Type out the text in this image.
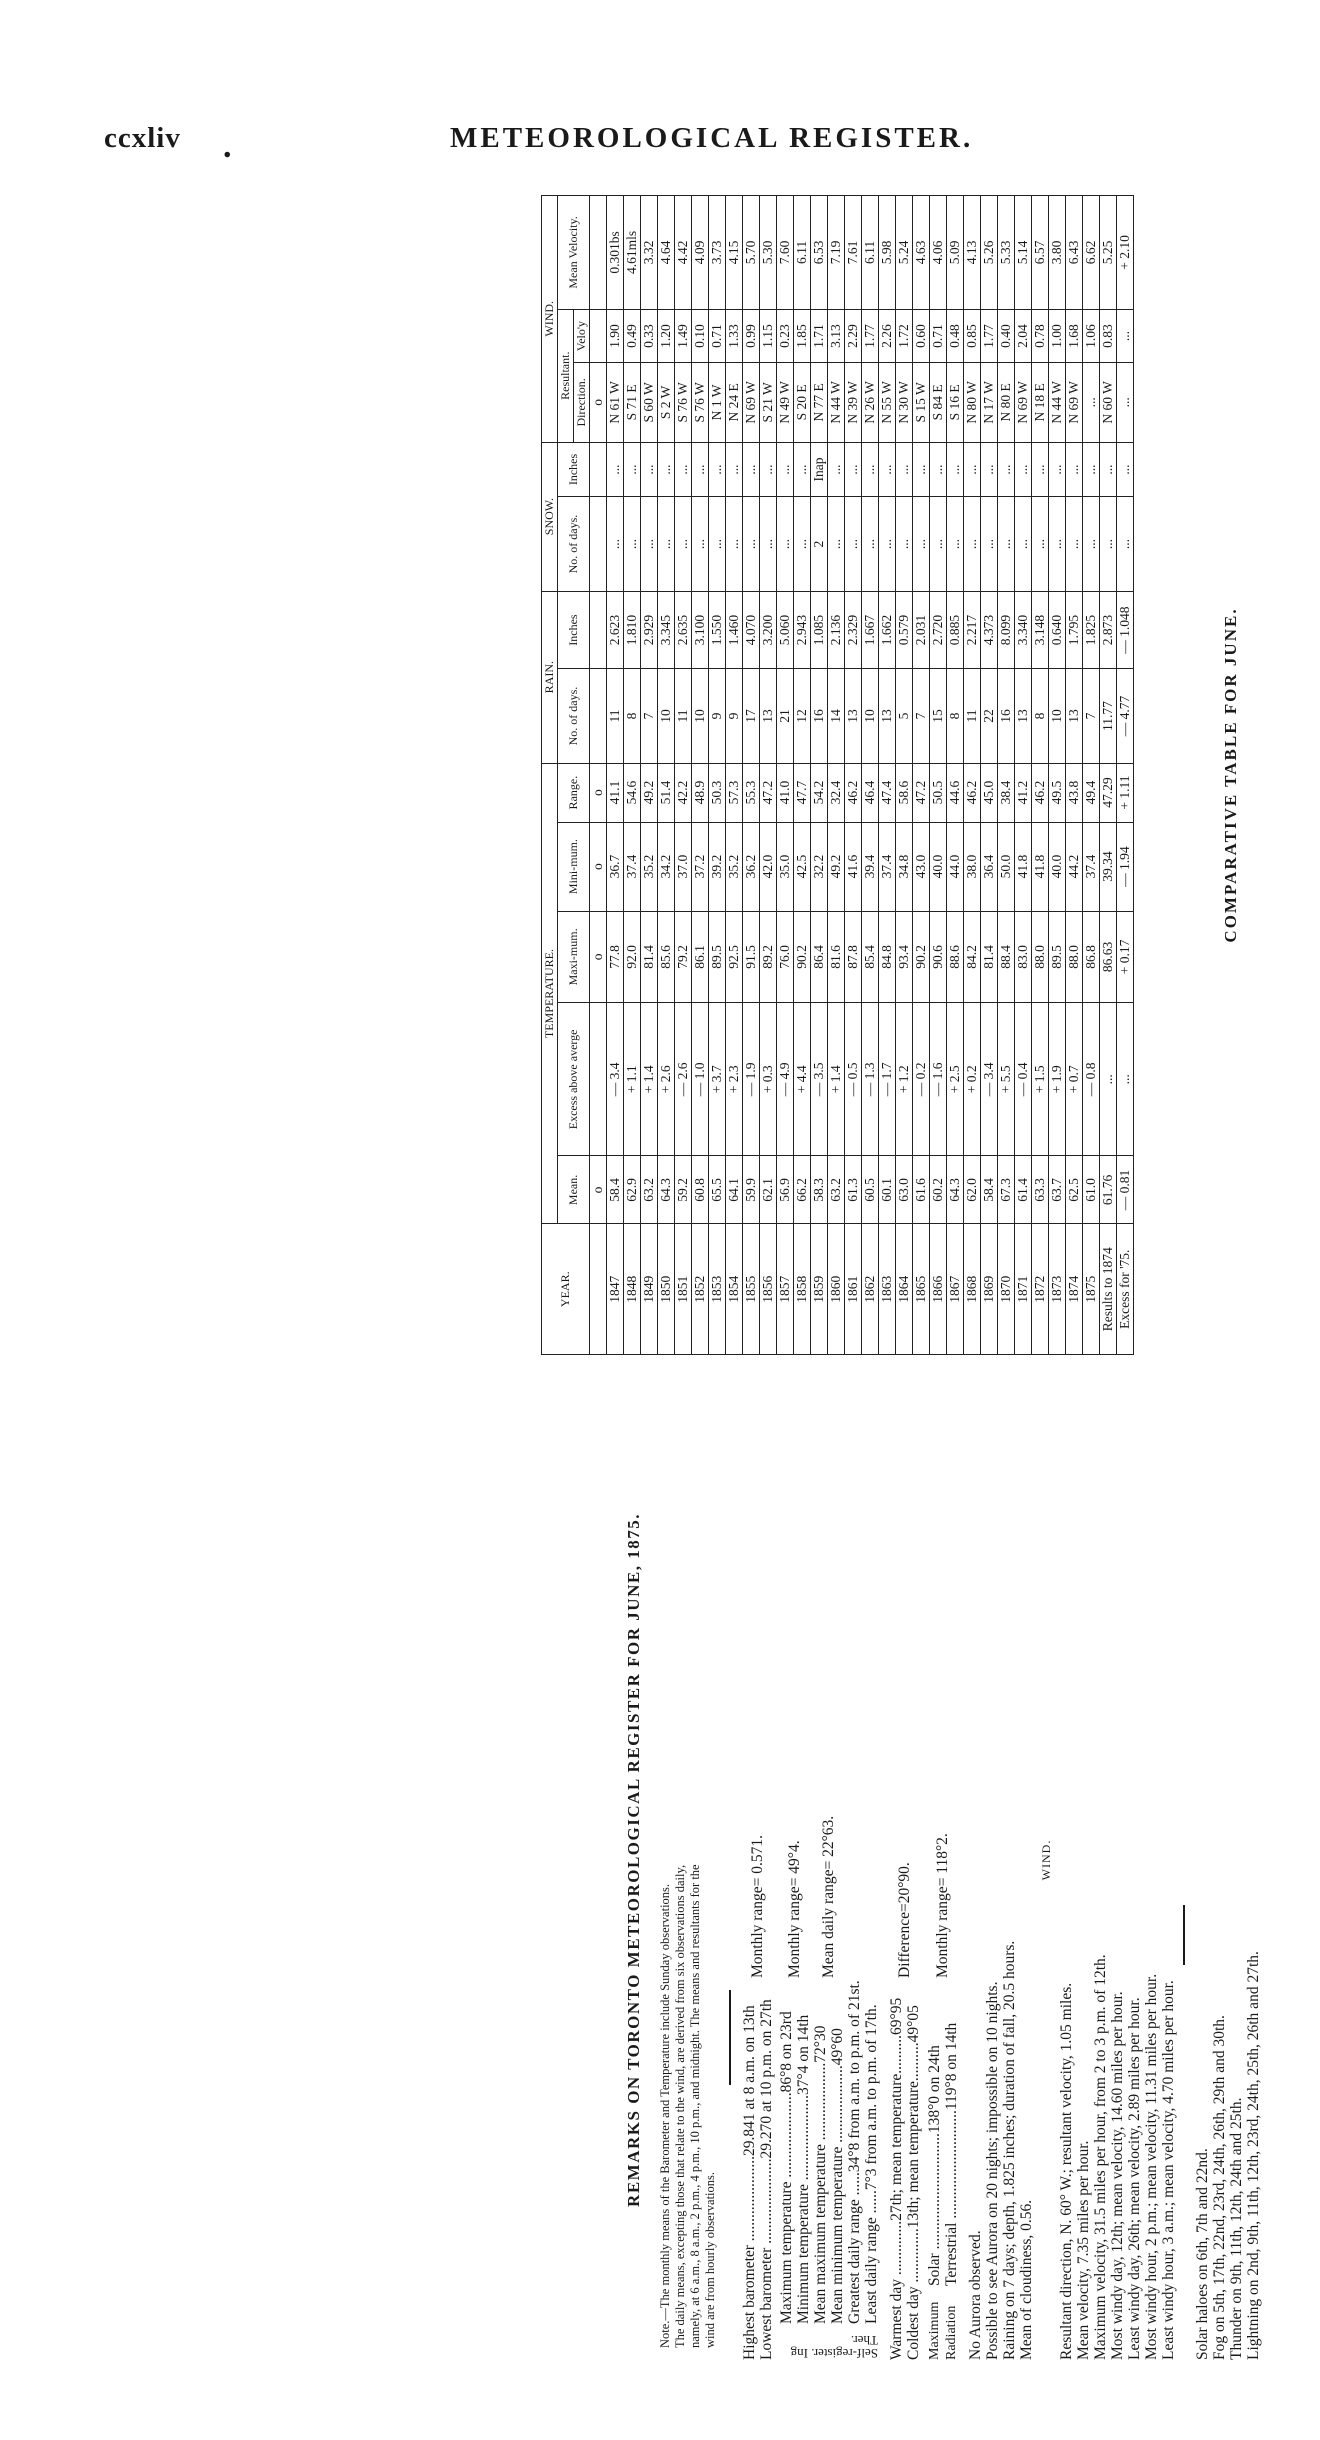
ccxliv .	METEOROLOGICAL REGISTER.
REMARKS ON TORONTO METEOROLOGICAL REGISTER FOR JUNE, 1875. Note.—The monthly means of the Barometer and Temperature include Sunday observations. The daily means, excepting those that relate to the wind, are derived from six observations daily, namely, at 6 a.m., 8 a.m., 2 p.m., 4 p.m., 10 p.m., and midnight. The means and resultants for the wind are from hourly observations. Highest barometer ......................29.841 at 8 a.m. on 13th Lowest barometer ......................29.270 at 10 p.m. on 27th
Monthly range= 0.571.
Self-register. Ing Ther.
Maximum temperature ......................86°8 on 23rd Minimum temperature ......................37°4 on 14th
Monthly range= 49°4.
Mean maximum temperature ....................72°30 Mean minimum temperature ....................49°60
Mean daily range= 22°63.
Greatest daily range ......34°8 from a.m. to p.m. of 21st. Least daily range ......7°3 from a.m. to p.m. of 17th. Warmest day ..............27th; mean temperature..........69°95 Coldest day ..............13th; mean temperature..........49°05
Difference=20°90.
Maximum Radiation
Solar ..............................138°0 on 24th Terrestrial ............................119°8 on 14th
Monthly range= 118°2.
No Aurora observed. Possible to see Aurora on 20 nights; impossible on 10 nights. Raining on 7 days; depth, 1.825 inches; duration of fall, 20.5 hours. Mean of cloudiness, 0.56.
WIND.
Resultant direction, N. 60° W.; resultant velocity, 1.05 miles. Mean velocity, 7.35 miles per hour. Maximum velocity, 31.5 miles per hour, from 2 to 3 p.m. of 12th. Most windy day, 12th; mean velocity, 14.60 miles per hour. Least windy day, 26th; mean velocity, 2.89 miles per hour. Most windy hour, 2 p.m.; mean velocity, 11.31 miles per hour. Least windy hour, 3 a.m.; mean velocity, 4.70 miles per hour. Solar haloes on 6th, 7th and 22nd. Fog on 5th, 17th, 22nd, 23rd, 24th, 26th, 29th and 30th. Thunder on 9th, 11th, 12th, 24th and 25th. Lightning on 2nd, 9th, 11th, 12th, 23rd, 24th, 25th, 26th and 27th.
COMPARATIVE TABLE FOR JUNE.
YEAR.	TEMPERATURE.					RAIN.		SNOW.		WIND.		
	Mean.	Excess above averge	Maxi-mum.	Mini-mum.	Range.	No. of days.	Inches	No. of days.	Inches	Resultant.		Mean Velocity.
										Direction.	Velo'y	
	o		o	o	o					o		
1847	58.4	— 3.4	77.8	36.7	41.1	11	2.623	...	...	N 61 W	1.90	0.301bs
1848	62.9	+ 1.1	92.0	37.4	54.6	8	1.810	...	...	S 71 E	0.49	4.61mls
1849	63.2	+ 1.4	81.4	35.2	49.2	7	2.929	...	...	S 60 W	0.33	3.32
1850	64.3	+ 2.6	85.6	34.2	51.4	10	3.345	...	...	S 2 W	1.20	4.64
1851	59.2	— 2.6	79.2	37.0	42.2	11	2.635	...	...	S 76 W	1.49	4.42
1852	60.8	— 1.0	86.1	37.2	48.9	10	3.100	...	...	S 76 W	0.10	4.09
1853	65.5	+ 3.7	89.5	39.2	50.3	9	1.550	...	...	N 1 W	0.71	3.73
1854	64.1	+ 2.3	92.5	35.2	57.3	9	1.460	...	...	N 24 E	1.33	4.15
1855	59.9	— 1.9	91.5	36.2	55.3	17	4.070	...	...	N 69 W	0.99	5.70
1856	62.1	+ 0.3	89.2	42.0	47.2	13	3.200	...	...	S 21 W	1.15	5.30
1857	56.9	— 4.9	76.0	35.0	41.0	21	5.060	...	...	N 49 W	0.23	7.60
1858	66.2	+ 4.4	90.2	42.5	47.7	12	2.943	...	...	S 20 E	1.85	6.11
1859	58.3	— 3.5	86.4	32.2	54.2	16	1.085	2	Inap	N 77 E	1.71	6.53
1860	63.2	+ 1.4	81.6	49.2	32.4	14	2.136	...	...	N 44 W	3.13	7.19
1861	61.3	— 0.5	87.8	41.6	46.2	13	2.329	...	...	N 39 W	2.29	7.61
1862	60.5	— 1.3	85.4	39.4	46.4	10	1.667	...	...	N 26 W	1.77	6.11
1863	60.1	— 1.7	84.8	37.4	47.4	13	1.662	...	...	N 55 W	2.26	5.98
1864	63.0	+ 1.2	93.4	34.8	58.6	5	0.579	...	...	N 30 W	1.72	5.24
1865	61.6	— 0.2	90.2	43.0	47.2	7	2.031	...	...	S 15 W	0.60	4.63
1866	60.2	— 1.6	90.6	40.0	50.5	15	2.720	...	...	S 84 E	0.71	4.06
1867	64.3	+ 2.5	88.6	44.0	44.6	8	0.885	...	...	S 16 E	0.48	5.09
1868	62.0	+ 0.2	84.2	38.0	46.2	11	2.217	...	...	N 80 W	0.85	4.13
1869	58.4	— 3.4	81.4	36.4	45.0	22	4.373	...	...	N 17 W	1.77	5.26
1870	67.3	+ 5.5	88.4	50.0	38.4	16	8.099	...	...	N 80 E	0.40	5.33
1871	61.4	— 0.4	83.0	41.8	41.2	13	3.340	...	...	N 69 W	2.04	5.14
1872	63.3	+ 1.5	88.0	41.8	46.2	8	3.148	...	...	N 18 E	0.78	6.57
1873	63.7	+ 1.9	89.5	40.0	49.5	10	0.640	...	...	N 44 W	1.00	3.80
1874	62.5	+ 0.7	88.0	44.2	43.8	13	1.795	...	...	N 69 W	1.68	6.43
1875	61.0	— 0.8	86.8	37.4	49.4	7	1.825	...	...	...	1.06	6.62
Results to 1874	61.76	...	86.63	39.34	47.29	11.77	2.873	...	...	N 60 W	0.83	5.25
Excess for '75.	— 0.81	...	+ 0.17	— 1.94	+ 1.11	— 4.77	— 1.048	...	...	...	...	+ 2.10
